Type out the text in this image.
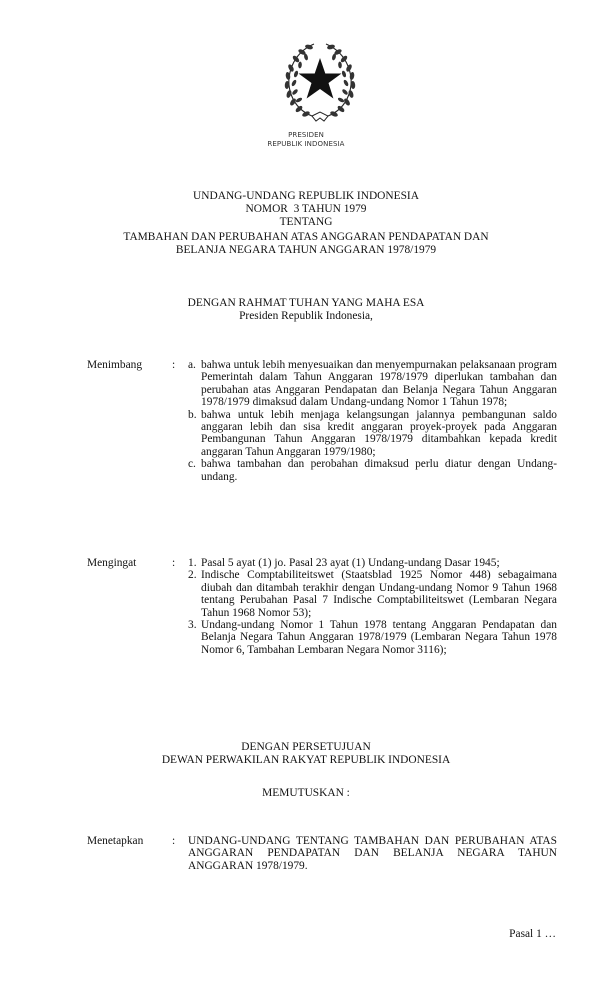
PRESIDEN
REPUBLIK INDONESIA
UNDANG-UNDANG REPUBLIK INDONESIA
NOMOR  3 TAHUN 1979
TENTANG
TAMBAHAN DAN PERUBAHAN ATAS ANGGARAN PENDAPATAN DAN
BELANJA NEGARA TAHUN ANGGARAN 1978/1979
DENGAN RAHMAT TUHAN YANG MAHA ESA
Presiden Republik Indonesia,
Menimbang	:	a. bahwa untuk lebih menyesuaikan dan menyempurnakan pelaksanaan program Pemerintah dalam Tahun Anggaran 1978/1979 diperlukan tambahan dan perubahan atas Anggaran Pendapatan dan Belanja Negara Tahun Anggaran 1978/1979 dimaksud dalam Undang-undang Nomor 1 Tahun 1978;
b. bahwa untuk lebih menjaga kelangsungan jalannya pembangunan saldo anggaran lebih dan sisa kredit anggaran proyek-proyek pada Anggaran Pembangunan Tahun Anggaran 1978/1979 ditambahkan kepada kredit anggaran Tahun Anggaran 1979/1980;
c. bahwa tambahan dan perobahan dimaksud perlu diatur dengan Undang-undang.
Mengingat	:	1. Pasal 5 ayat (1) jo. Pasal 23 ayat (1) Undang-undang Dasar 1945;
2. Indische Comptabiliteitswet (Staatsblad 1925 Nomor 448) sebagaimana diubah dan ditambah terakhir dengan Undang-undang Nomor 9 Tahun 1968 tentang Perubahan Pasal 7 Indische Comptabiliteitswet (Lembaran Negara Tahun 1968 Nomor 53);
3. Undang-undang Nomor 1 Tahun 1978 tentang Anggaran Pendapatan dan Belanja Negara Tahun Anggaran 1978/1979 (Lembaran Negara Tahun 1978 Nomor 6, Tambahan Lembaran Negara Nomor 3116);
DENGAN PERSETUJUAN
DEWAN PERWAKILAN RAKYAT REPUBLIK INDONESIA
MEMUTUSKAN :
Menetapkan	:	UNDANG-UNDANG TENTANG TAMBAHAN DAN PERUBAHAN ATAS ANGGARAN PENDAPATAN DAN BELANJA NEGARA TAHUN ANGGARAN 1978/1979.
Pasal 1 …
